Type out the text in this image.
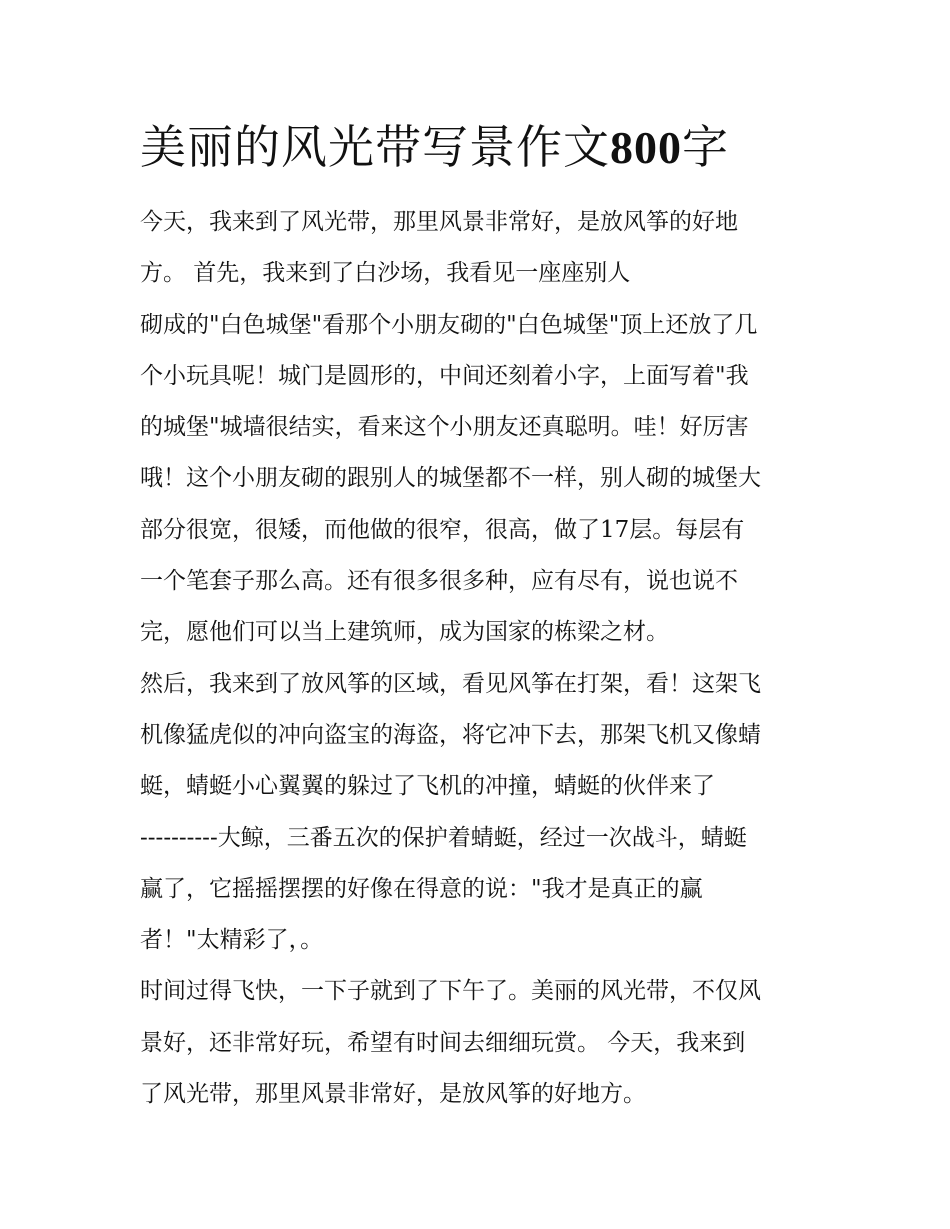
美丽的风光带写景作文800字
今天，我来到了风光带，那里风景非常好，是放风筝的好地
方。 首先，我来到了白沙场，我看见一座座别人
砌成的"白色城堡"看那个小朋友砌的"白色城堡"顶上还放了几
个小玩具呢！城门是圆形的，中间还刻着小字，上面写着"我
的城堡"城墙很结实，看来这个小朋友还真聪明。哇！好厉害
哦！这个小朋友砌的跟别人的城堡都不一样，别人砌的城堡大
部分很宽，很矮，而他做的很窄，很高，做了17层。每层有
一个笔套子那么高。还有很多很多种，应有尽有，说也说不
完，愿他们可以当上建筑师，成为国家的栋梁之材。
然后，我来到了放风筝的区域，看见风筝在打架，看！这架飞
机像猛虎似的冲向盗宝的海盗，将它冲下去，那架飞机又像蜻
蜓，蜻蜓小心翼翼的躲过了飞机的冲撞，蜻蜓的伙伴来了
----------大鲸，三番五次的保护着蜻蜓，经过一次战斗，蜻蜓
赢了，它摇摇摆摆的好像在得意的说："我才是真正的赢
者！"太精彩了，。
时间过得飞快，一下子就到了下午了。美丽的风光带，不仅风
景好，还非常好玩，希望有时间去细细玩赏。 今天，我来到
了风光带，那里风景非常好，是放风筝的好地方。
